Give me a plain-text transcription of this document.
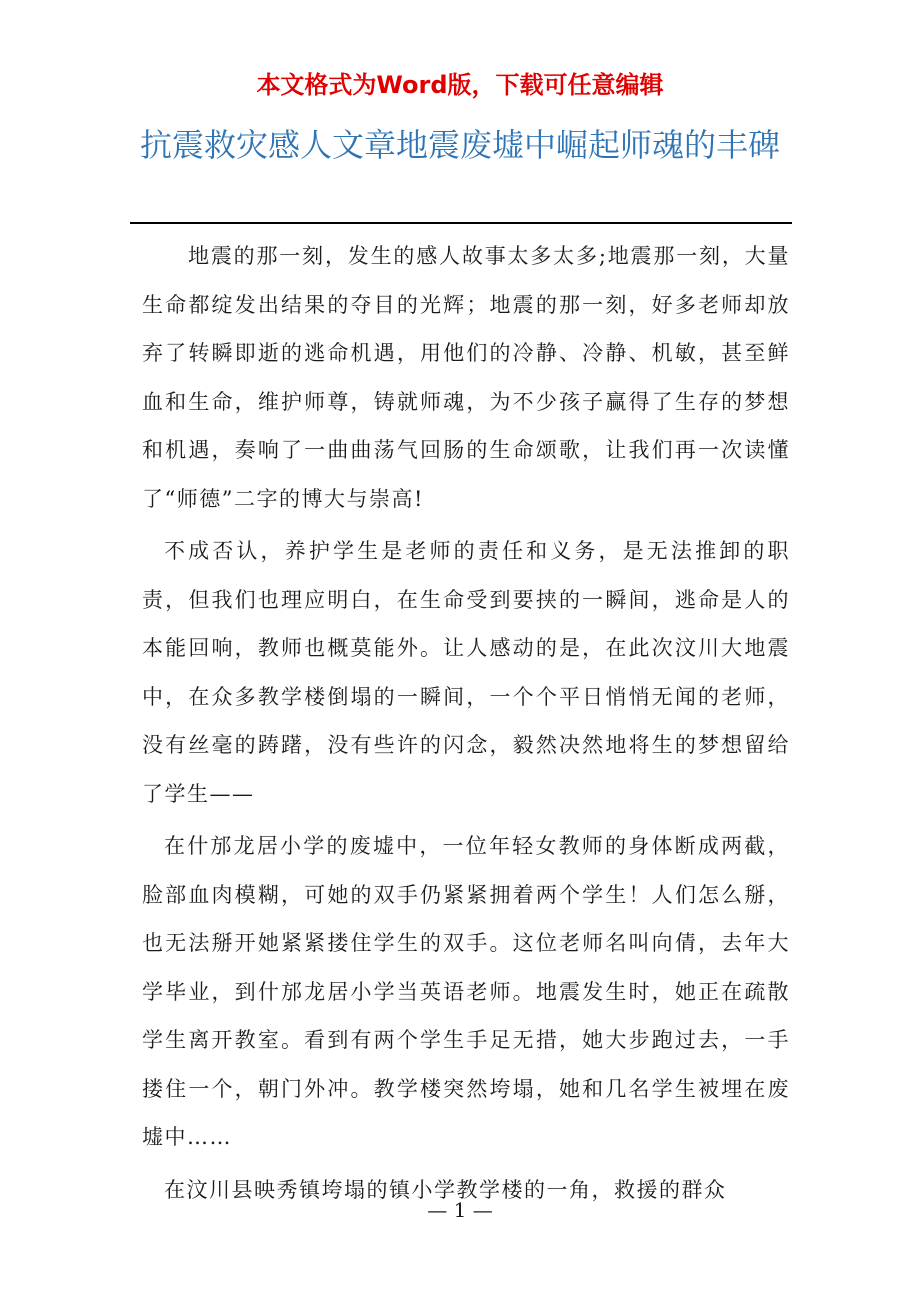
本文格式为Word版，下载可任意编辑
抗震救灾感人文章地震废墟中崛起师魂的丰碑

地震的那一刻，发生的感人故事太多太多;地震那一刻，大量生命都绽发出结果的夺目的光辉；地震的那一刻，好多老师却放弃了转瞬即逝的逃命机遇，用他们的冷静、冷静、机敏，甚至鲜血和生命，维护师尊，铸就师魂，为不少孩子赢得了生存的梦想和机遇，奏响了一曲曲荡气回肠的生命颂歌，让我们再一次读懂了“师德”二字的博大与崇高!

不成否认，养护学生是老师的责任和义务，是无法推卸的职责，但我们也理应明白，在生命受到要挟的一瞬间，逃命是人的本能回响，教师也概莫能外。让人感动的是，在此次汶川大地震中，在众多教学楼倒塌的一瞬间，一个个平日悄悄无闻的老师，没有丝毫的踌躇，没有些许的闪念，毅然决然地将生的梦想留给了学生——

在什邡龙居小学的废墟中，一位年轻女教师的身体断成两截，脸部血肉模糊，可她的双手仍紧紧拥着两个学生！人们怎么掰，也无法掰开她紧紧搂住学生的双手。这位老师名叫向倩，去年大学毕业，到什邡龙居小学当英语老师。地震发生时，她正在疏散学生离开教室。看到有两个学生手足无措，她大步跑过去，一手搂住一个，朝门外冲。教学楼突然垮塌，她和几名学生被埋在废墟中……

在汶川县映秀镇垮塌的镇小学教学楼的一角，救援的群众

— 1 —
